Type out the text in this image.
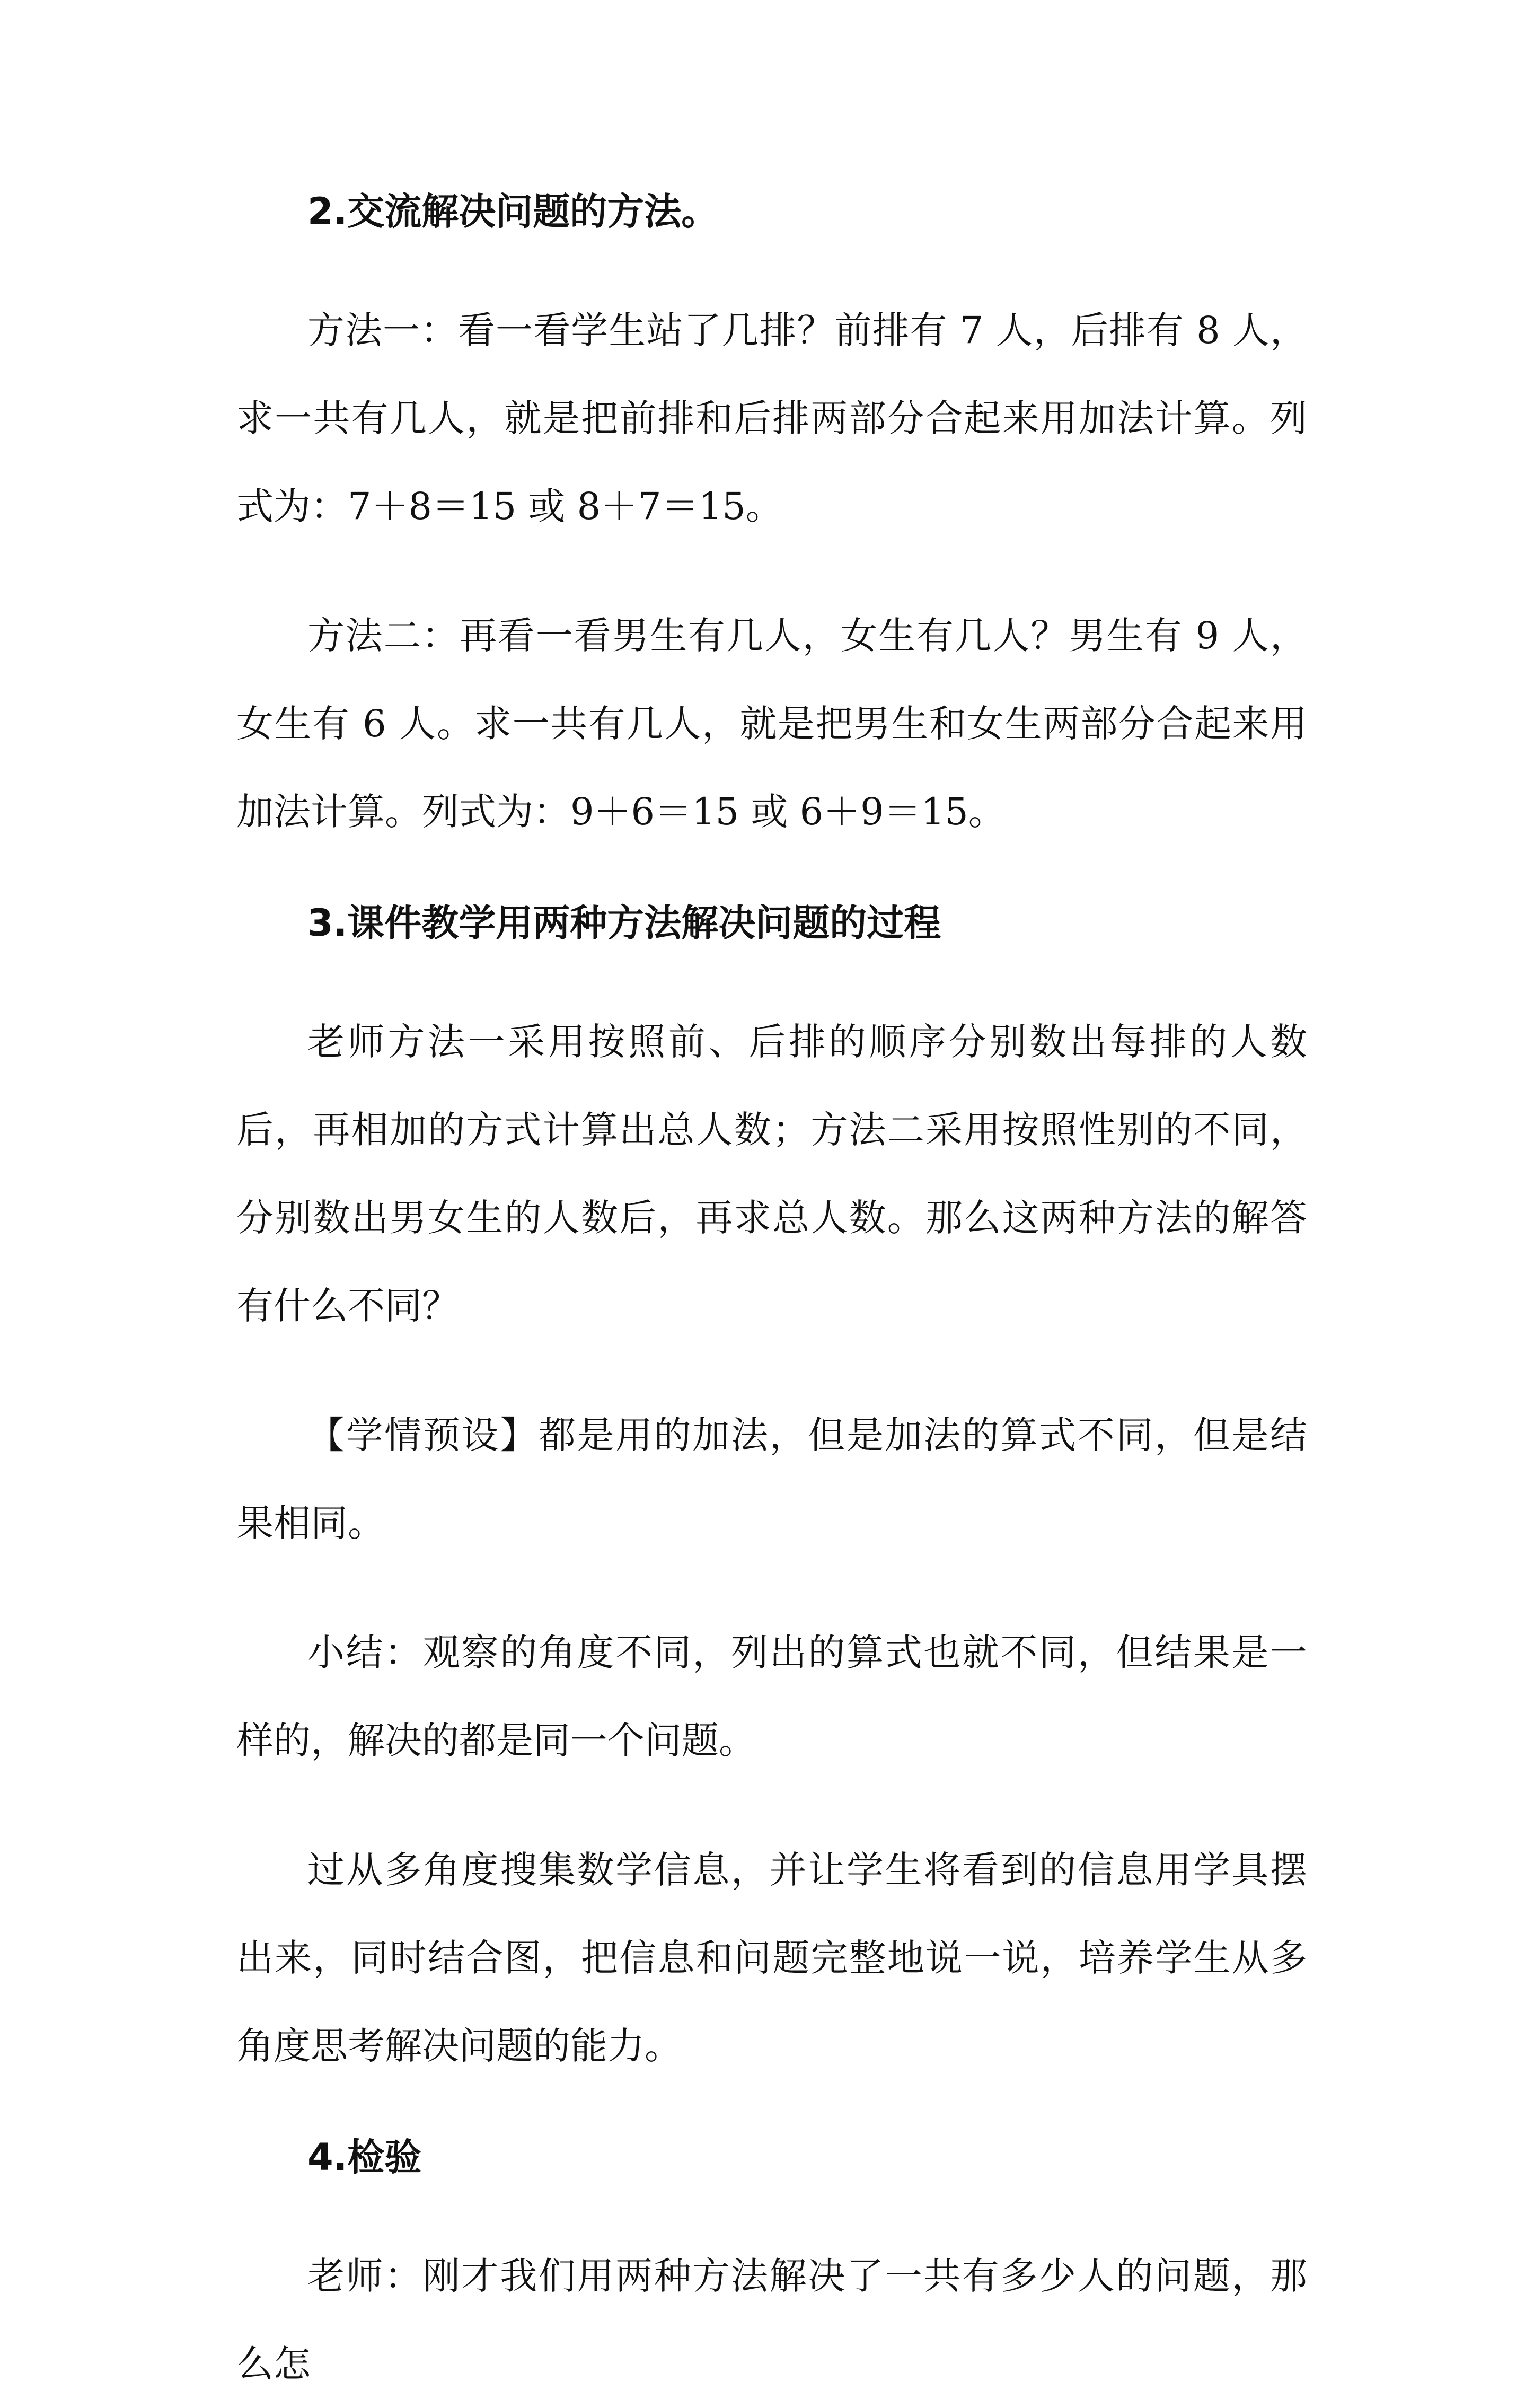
2.交流解决问题的方法。

方法一：看一看学生站了几排？前排有 7 人，后排有 8 人，求一共有几人，就是把前排和后排两部分合起来用加法计算。列式为：7＋8＝15 或 8＋7＝15。

方法二：再看一看男生有几人，女生有几人？男生有 9 人，女生有 6 人。求一共有几人，就是把男生和女生两部分合起来用加法计算。列式为：9＋6＝15 或 6＋9＝15。

3.课件教学用两种方法解决问题的过程

老师方法一采用按照前、后排的顺序分别数出每排的人数后，再相加的方式计算出总人数；方法二采用按照性别的不同，分别数出男女生的人数后，再求总人数。那么这两种方法的解答有什么不同？

【学情预设】都是用的加法，但是加法的算式不同，但是结果相同。

小结：观察的角度不同，列出的算式也就不同，但结果是一样的，解决的都是同一个问题。

过从多角度搜集数学信息，并让学生将看到的信息用学具摆出来，同时结合图，把信息和问题完整地说一说，培养学生从多角度思考解决问题的能力。

4.检验

老师：刚才我们用两种方法解决了一共有多少人的问题，那么怎
